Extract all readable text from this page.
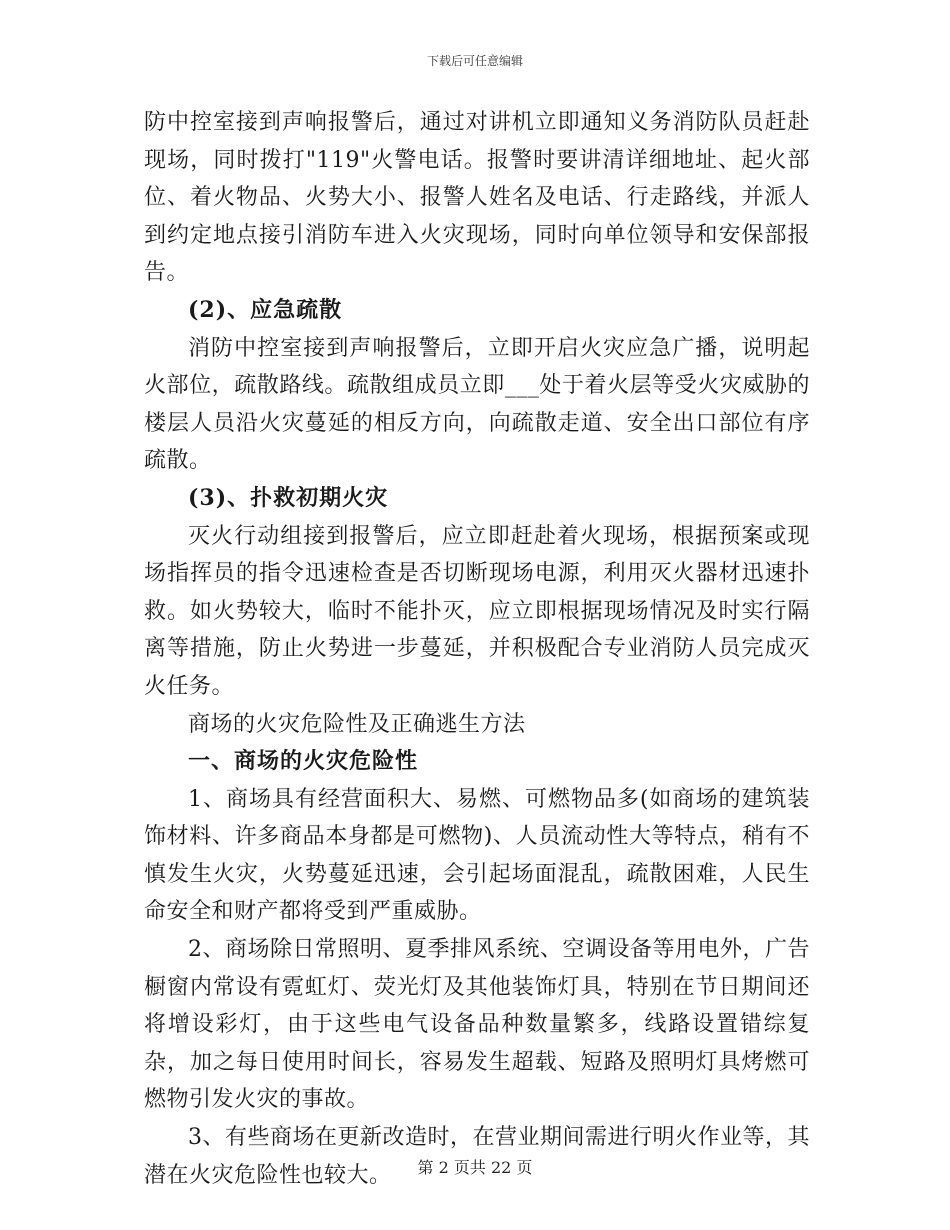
下载后可任意编辑

防中控室接到声响报警后，通过对讲机立即通知义务消防队员赶赴现场，同时拨打"119"火警电话。报警时要讲清详细地址、起火部位、着火物品、火势大小、报警人姓名及电话、行走路线，并派人到约定地点接引消防车进入火灾现场，同时向单位领导和安保部报告。

(2)、应急疏散

消防中控室接到声响报警后，立即开启火灾应急广播，说明起火部位，疏散路线。疏散组成员立即___处于着火层等受火灾威胁的楼层人员沿火灾蔓延的相反方向，向疏散走道、安全出口部位有序疏散。

(3)、扑救初期火灾

灭火行动组接到报警后，应立即赶赴着火现场，根据预案或现场指挥员的指令迅速检查是否切断现场电源，利用灭火器材迅速扑救。如火势较大，临时不能扑灭，应立即根据现场情况及时实行隔离等措施，防止火势进一步蔓延，并积极配合专业消防人员完成灭火任务。

商场的火灾危险性及正确逃生方法

一、商场的火灾危险性

1、商场具有经营面积大、易燃、可燃物品多(如商场的建筑装饰材料、许多商品本身都是可燃物)、人员流动性大等特点，稍有不慎发生火灾，火势蔓延迅速，会引起场面混乱，疏散困难，人民生命安全和财产都将受到严重威胁。

2、商场除日常照明、夏季排风系统、空调设备等用电外，广告橱窗内常设有霓虹灯、荧光灯及其他装饰灯具，特别在节日期间还将增设彩灯，由于这些电气设备品种数量繁多，线路设置错综复杂，加之每日使用时间长，容易发生超载、短路及照明灯具烤燃可燃物引发火灾的事故。

3、有些商场在更新改造时，在营业期间需进行明火作业等，其潜在火灾危险性也较大。	第 2 页共 22 页
